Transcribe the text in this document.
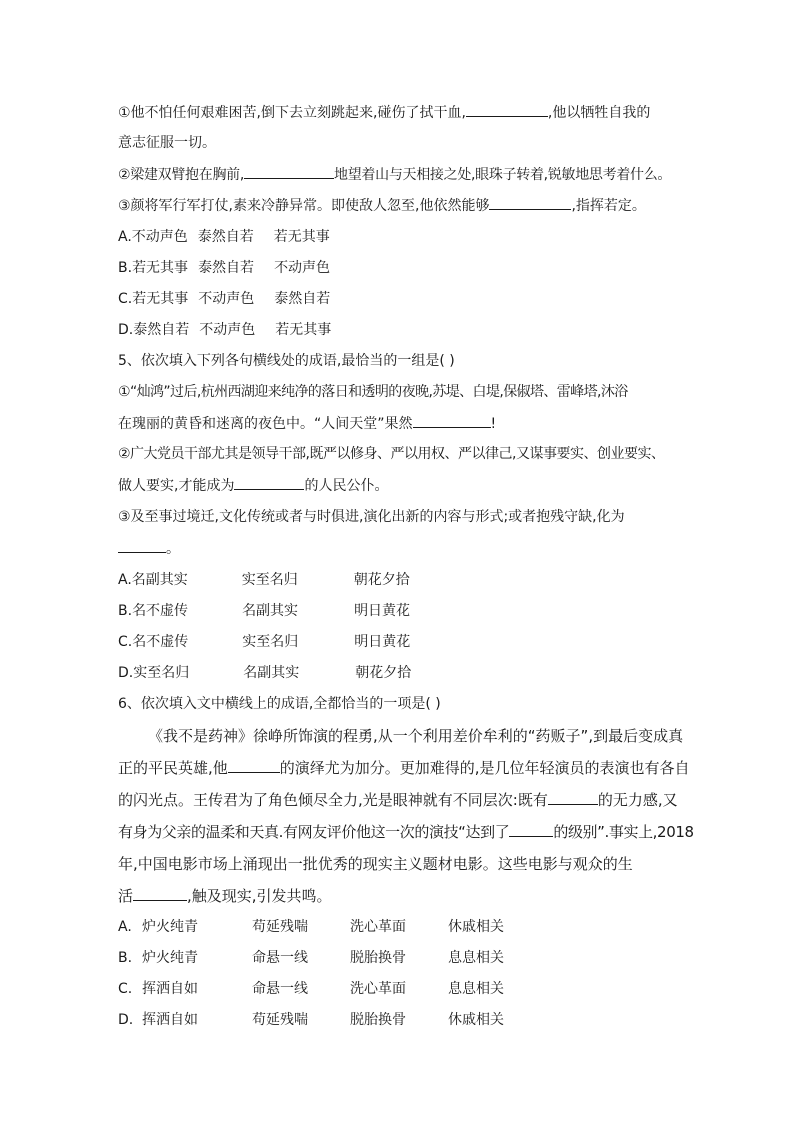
①他不怕任何艰难困苦,倒下去立刻跳起来,碰伤了拭干血,	,他以牺牲自我的
意志征服一切。
②梁建双臂抱在胸前,	地望着山与天相接之处,眼珠子转着,锐敏地思考着什么。
③颜将军行军打仗,素来冷静异常。即使敌人忽至,他依然能够	,指挥若定。
A.不动声色 泰然自若 若无其事
B.若无其事 泰然自若 不动声色
C.若无其事 不动声色 泰然自若
D.泰然自若 不动声色 若无其事
5、依次填入下列各句横线处的成语,最恰当的一组是( )
①“灿鸿”过后,杭州西湖迎来纯净的落日和透明的夜晚,苏堤、白堤,保俶塔、雷峰塔,沐浴
在瑰丽的黄昏和迷离的夜色中。“人间天堂”果然	!
②广大党员干部尤其是领导干部,既严以修身、严以用权、严以律己,又谋事要实、创业要实、
做人要实,才能成为	的人民公仆。
③及至事过境迁,文化传统或者与时俱进,演化出新的内容与形式;或者抱残守缺,化为
。
A.名副其实	实至名归	朝花夕拾
B.名不虚传	名副其实	明日黄花
C.名不虚传	实至名归	明日黄花
D.实至名归	名副其实	朝花夕拾
6、依次填入文中横线上的成语,全都恰当的一项是( )
《我不是药神》徐峥所饰演的程勇,从一个利用差价牟利的“药贩子”,到最后变成真
正的平民英雄,他	的演绎尤为加分。更加难得的,是几位年轻演员的表演也有各自
的闪光点。王传君为了角色倾尽全力,光是眼神就有不同层次:既有	的无力感,又
有身为父亲的温柔和天真.有网友评价他这一次的演技“达到了	的级别”.事实上,2018
年,中国电影市场上涌现出一批优秀的现实主义题材电影。这些电影与观众的生
活	,触及现实,引发共鸣。
A. 炉火纯青	苟延残喘	洗心革面	休戚相关
B. 炉火纯青	命悬一线	脱胎换骨	息息相关
C. 挥洒自如	命悬一线	洗心革面	息息相关
D. 挥洒自如	苟延残喘	脱胎换骨	休戚相关
